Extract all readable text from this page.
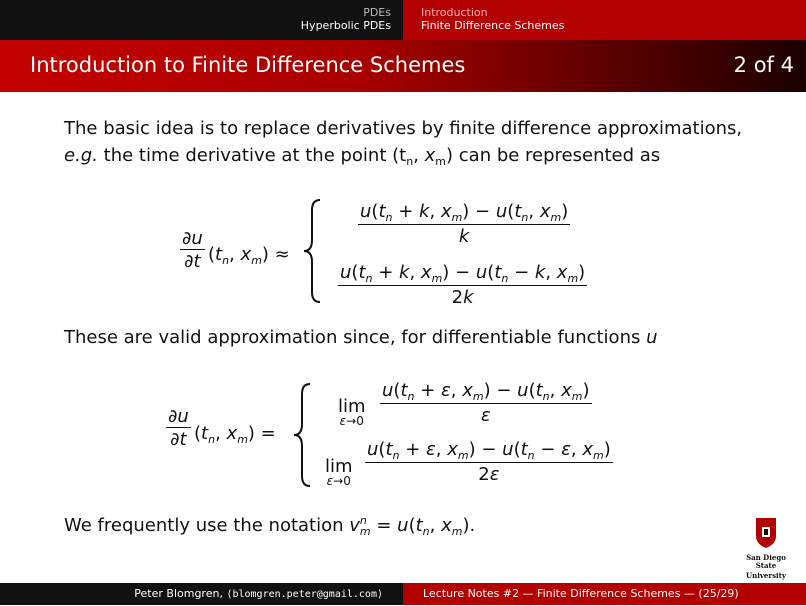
PDEs
Hyperbolic PDEs
Introduction
Finite Difference Schemes
Introduction to Finite Difference Schemes	2 of 4
The basic idea is to replace derivatives by finite difference approximations,
e.g. the time derivative at the point ($t_n$, $x_m$) can be represented as
$\frac{\partial u}{\partial t} (t_n$, $x_m$) ≈
$\frac{u(t_n + k, x_m) - u(t_n, x_m)}{k}$
$\frac{u(t_n + k, x_m) - u(t_n - k, x_m)}{2k}$
These are valid approximation since, for differentiable functions u
$\frac{\partial u}{\partial t} (t_n$, $x_m$) =
lim
$\varepsilon\to 0 \frac{u(t_n + \varepsilon, x_m) - u(t_n, x_m)}{\varepsilon}$
lim
$\varepsilon\to 0 \frac{u(t_n + \varepsilon, x_m) - u(t_n - \varepsilon, x_m)}{2\varepsilon}$
We frequently use the notation $v^n_m = u(t_n$, $x_m$).
San Diego State
University
Peter Blomgren, ⟨blomgren.peter@gmail.com⟩	Lecture Notes #2 — Finite Difference Schemes — (25/29)
